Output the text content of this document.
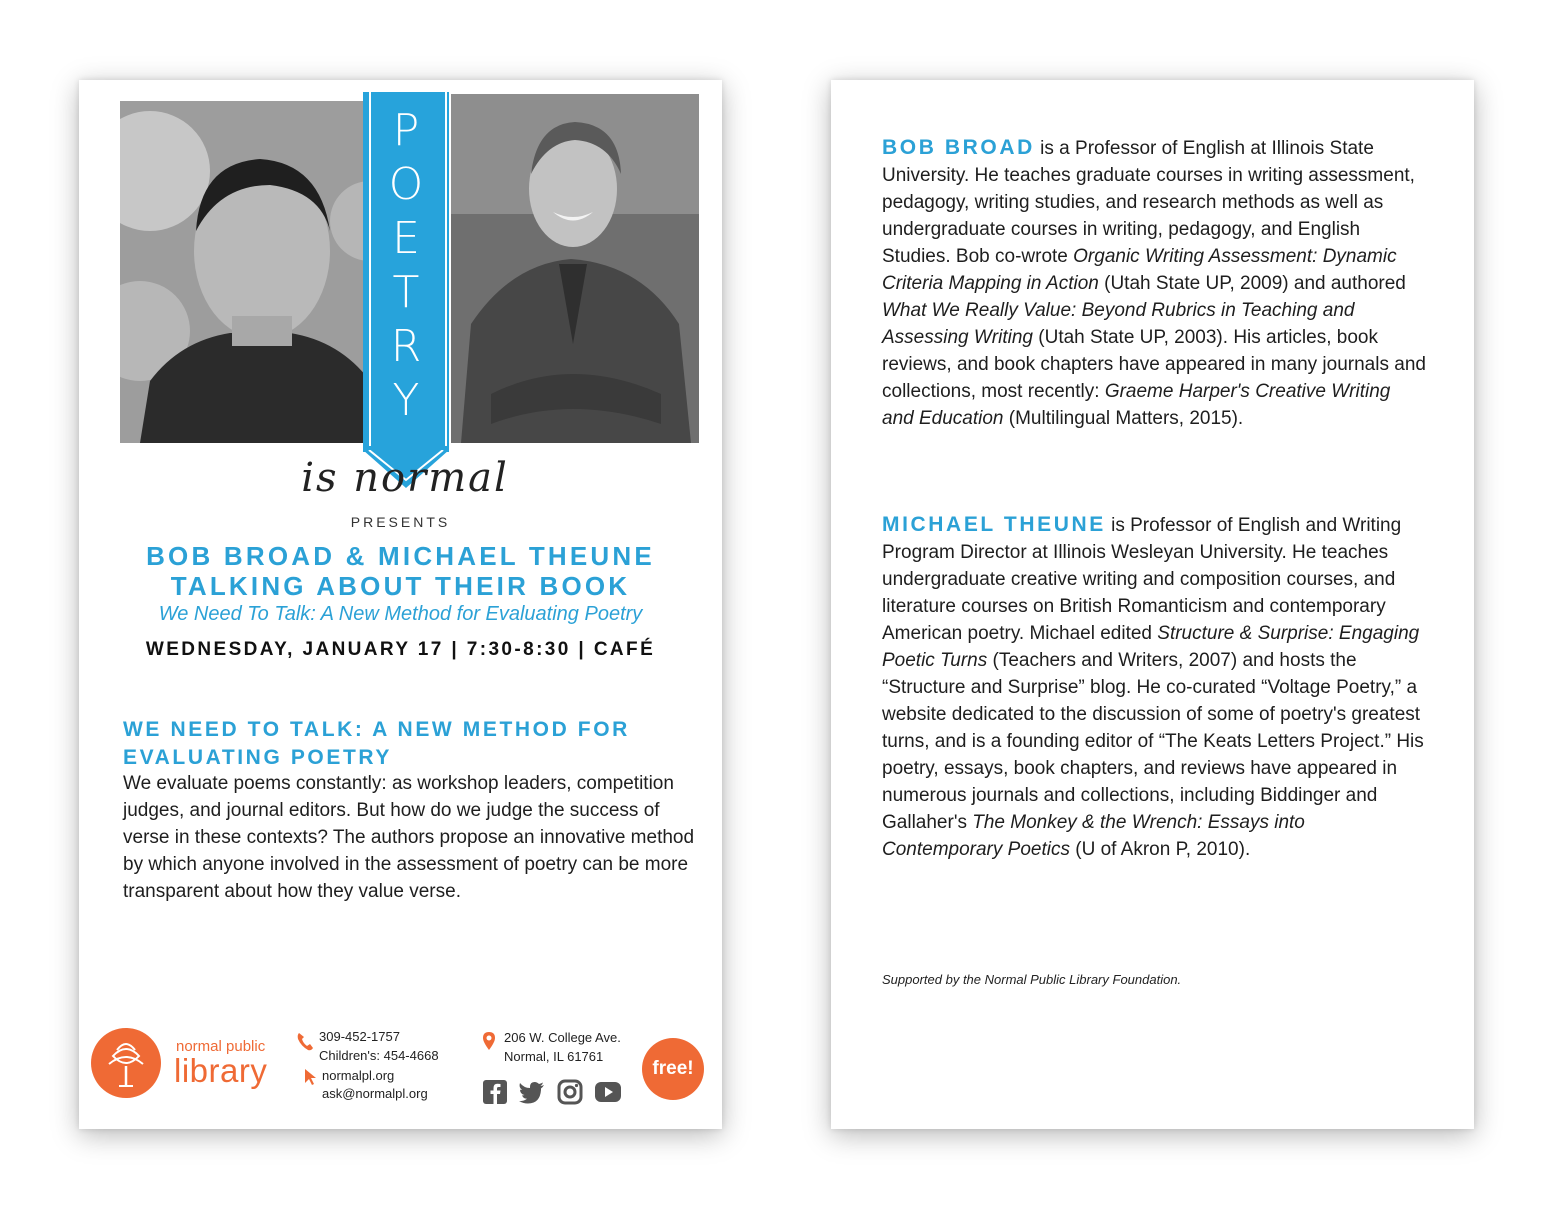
P
O
E
T
R
Y
is normal
PRESENTS
BOB BROAD & MICHAEL THEUNE
TALKING ABOUT THEIR BOOK
We Need To Talk: A New Method for Evaluating Poetry
WEDNESDAY, JANUARY 17 | 7:30-8:30 | CAFÉ
WE NEED TO TALK: A NEW METHOD FOR EVALUATING POETRY
We evaluate poems constantly: as workshop leaders, competition judges, and journal editors. But how do we judge the success of verse in these contexts? The authors propose an innovative method by which anyone involved in the assessment of poetry can be more transparent about how they value verse.
normal public
library
309-452-1757
Children's: 454-4668
normalpl.org
ask@normalpl.org
206 W. College Ave.
Normal, IL 61761
free!
BOB BROAD is a Professor of English at Illinois State University. He teaches graduate courses in writing assessment, pedagogy, writing studies, and research methods as well as undergraduate courses in writing, pedagogy, and English Studies. Bob co-wrote Organic Writing Assessment: Dynamic Criteria Mapping in Action (Utah State UP, 2009) and authored What We Really Value: Beyond Rubrics in Teaching and Assessing Writing (Utah State UP, 2003). His articles, book reviews, and book chapters have appeared in many journals and collections, most recently: Graeme Harper's Creative Writing and Education (Multilingual Matters, 2015).
MICHAEL THEUNE is Professor of English and Writing Program Director at Illinois Wesleyan University. He teaches undergraduate creative writing and composition courses, and literature courses on British Romanticism and contemporary American poetry. Michael edited Structure & Surprise: Engaging Poetic Turns (Teachers and Writers, 2007) and hosts the “Structure and Surprise” blog. He co-curated “Voltage Poetry,” a website dedicated to the discussion of some of poetry's greatest turns, and is a founding editor of “The Keats Letters Project.” His poetry, essays, book chapters, and reviews have appeared in numerous journals and collections, including Biddinger and Gallaher's The Monkey & the Wrench: Essays into Contemporary Poetics (U of Akron P, 2010).
Supported by the Normal Public Library Foundation.
